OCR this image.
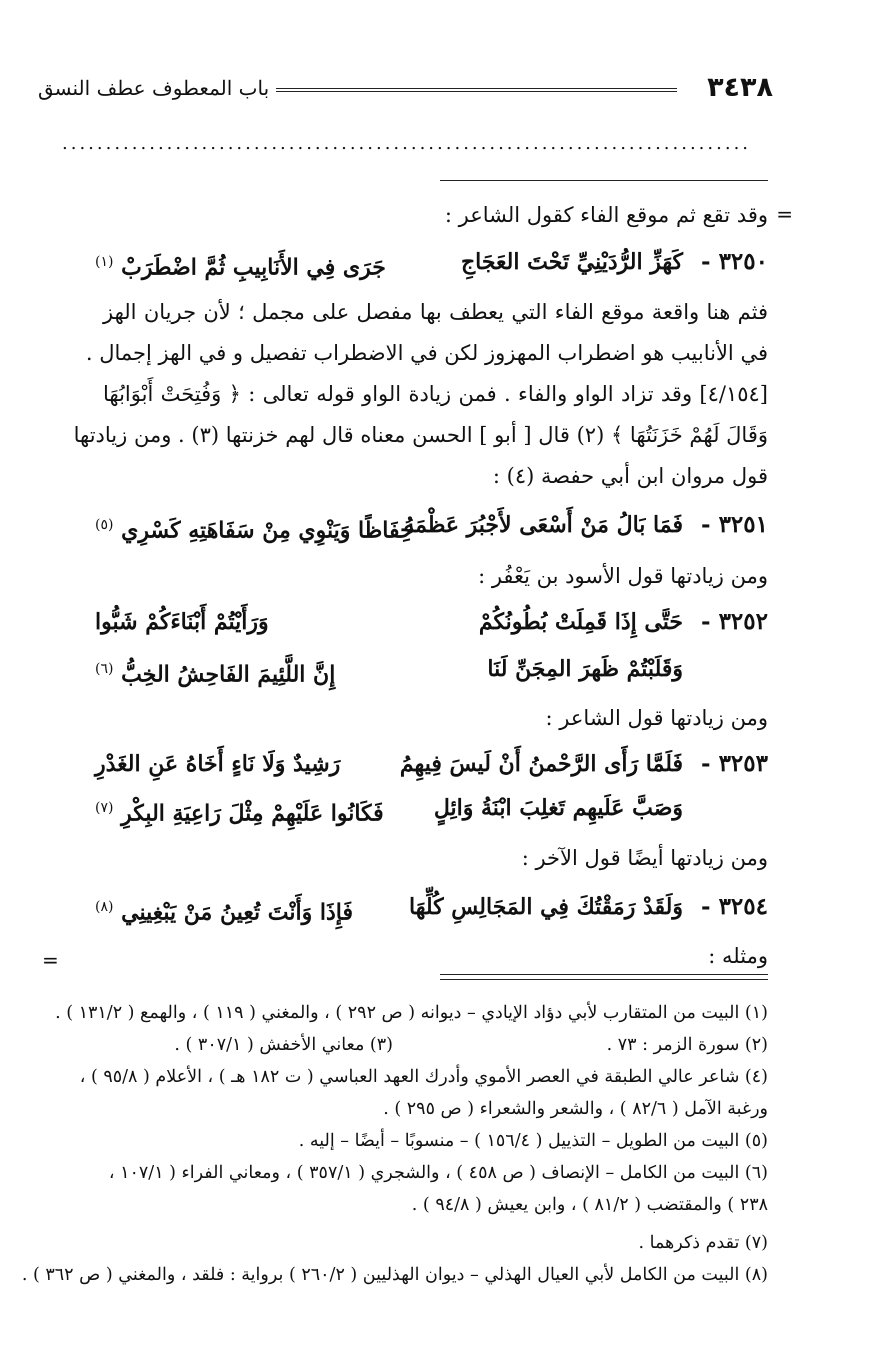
٣٤٣٨
باب المعطوف عطف النسق
...............................................................................
=
=
وقد تقع ثم موقع الفاء كقول الشاعر :
٣٢٥٠ -
كَهَزِّ الرُّدَيْنِيِّ تَحْتَ العَجَاجِ
جَرَى فِي الأَنَابِيبِ ثُمَّ اضْطَرَبْ $^{(١)}$
فثم هنا واقعة موقع الفاء التي يعطف بها مفصل على مجمل ؛ لأن جريان الهز
في الأنابيب هو اضطراب المهزوز لكن في الاضطراب تفصيل و في الهز إجمال .
[٤/١٥٤] وقد تزاد الواو والفاء . فمن زيادة الواو قوله تعالى : ﴿ وَفُتِحَتْ أَبْوَابُهَا
وَقَالَ لَهُمْ خَزَنَتُهَا ﴾ (٢) قال [ أبو ] الحسن معناه قال لهم خزنتها (٣) . ومن زيادتها
قول مروان ابن أبي حفصة (٤) :
٣٢٥١ -
فَمَا بَالُ مَنْ أَسْعَى لأَجْبُرَ عَظْمَهُ
حِفَاظًا وَيَنْوِي مِنْ سَفَاهَتِهِ كَسْرِي $^{(٥)}$
ومن زيادتها قول الأسود بن يَعْفُر :
٣٢٥٢ -
حَتَّى إِذَا قَمِلَتْ بُطُونُكُمْ
وَرَأَيْتُمْ أَبْنَاءَكُمْ شَبُّوا
وَقَلَبْتُمْ ظَهرَ المِجَنِّ لَنَا
إِنَّ اللَّئِيمَ الفَاحِشُ الخِبُّ $^{(٦)}$
ومن زيادتها قول الشاعر :
٣٢٥٣ -
فَلَمَّا رَأَى الرَّحْمنُ أَنْ لَيسَ فِيهِمُ
رَشِيدٌ وَلَا نَاءٍ أَخَاهُ عَنِ الغَدْرِ
وَصَبَّ عَلَيهِم تَغلِبَ ابْنَةُ وَائِلٍ
فَكَانُوا عَلَيْهِمْ مِثْلَ رَاعِيَةِ البِكْرِ $^{(٧)}$
ومن زيادتها أيضًا قول الآخر :
٣٢٥٤ -
وَلَقَدْ رَمَقْتُكَ فِي المَجَالِسِ كُلِّهَا
فَإِذَا وَأَنْتَ تُعِينُ مَنْ يَبْغِينِي $^{(٨)}$
ومثله :
(١) البيت من المتقارب لأبي دؤاد الإيادي – ديوانه ( ص ٢٩٢ ) ، والمغني ( ١١٩ ) ، والهمع ( ١٣١/٢ ) .
(٢) سورة الزمر : ٧٣ .
(٣) معاني الأخفش ( ٣٠٧/١ ) .
(٤) شاعر عالي الطبقة في العصر الأموي وأدرك العهد العباسي ( ت ١٨٢ هـ ) ، الأعلام ( ٩٥/٨ ) ،
ورغبة الآمل ( ٨٢/٦ ) ، والشعر والشعراء ( ص ٢٩٥ ) .
(٥) البيت من الطويل – التذييل ( ١٥٦/٤ ) – منسوبًا – أيضًا – إليه .
(٦) البيت من الكامل – الإنصاف ( ص ٤٥٨ ) ، والشجري ( ٣٥٧/١ ) ، ومعاني الفراء ( ١٠٧/١ ،
٢٣٨ ) والمقتضب ( ٨١/٢ ) ، وابن يعيش ( ٩٤/٨ ) .
(٧) تقدم ذكرهما .
(٨) البيت من الكامل لأبي العيال الهذلي – ديوان الهذليين ( ٢٦٠/٢ ) برواية : فلقد ، والمغني ( ص ٣٦٢ ) .
